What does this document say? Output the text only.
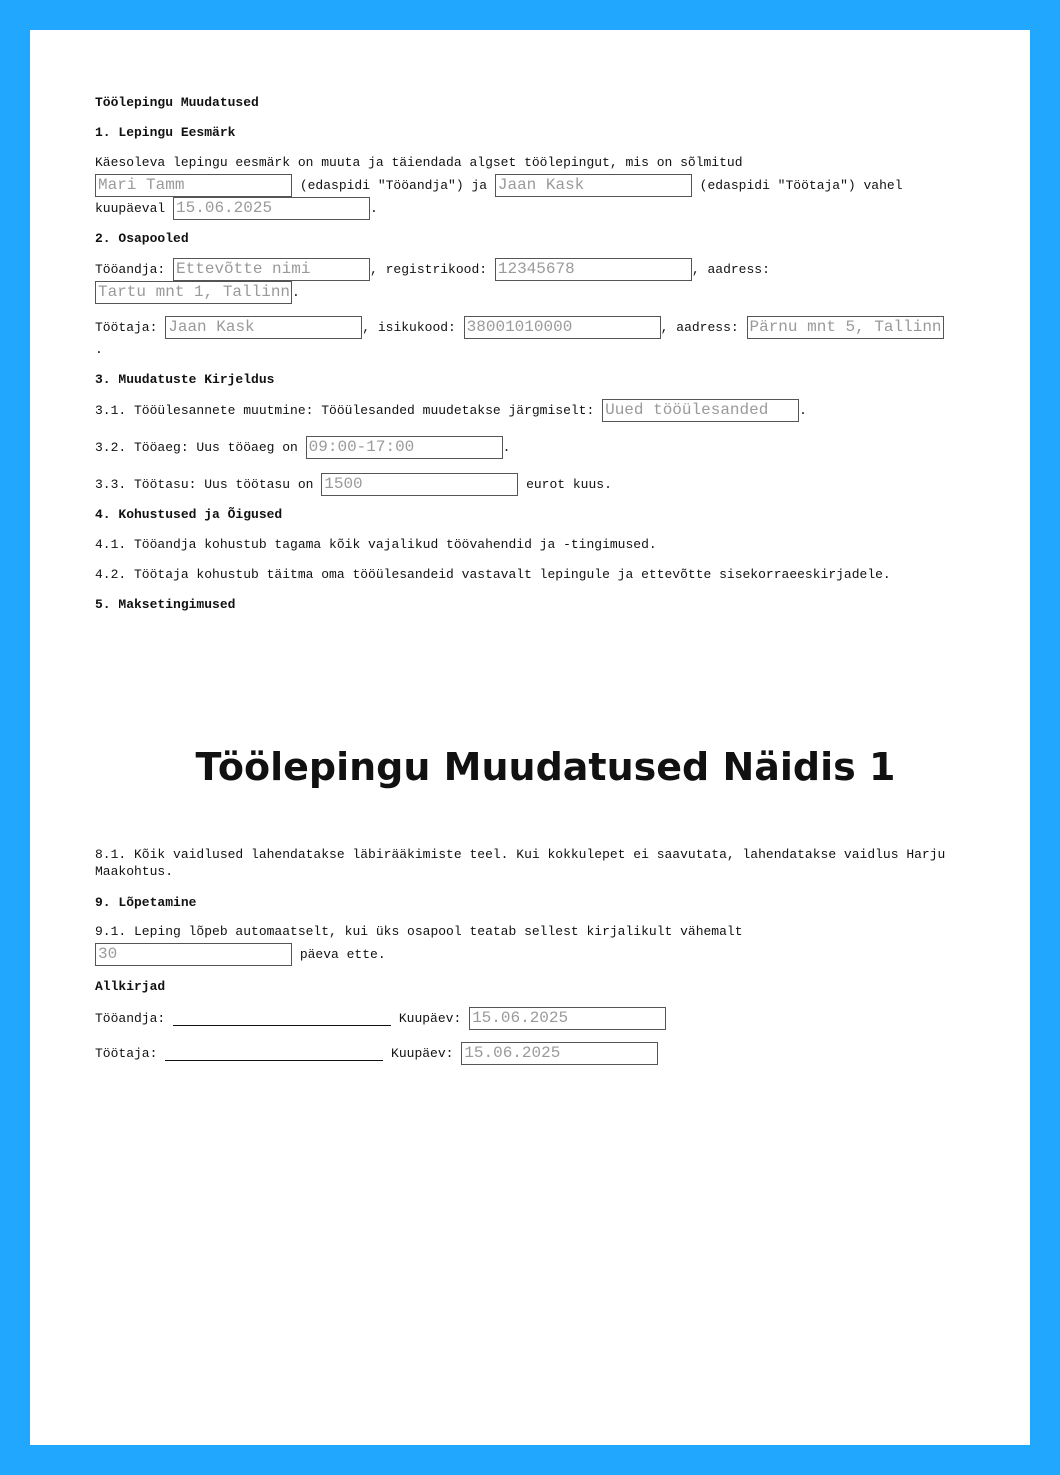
Töölepingu Muudatused
1. Lepingu Eesmärk
Käesoleva lepingu eesmärk on muuta ja täiendada algset töölepingut, mis on sõlmitud
Mari Tamm	(edaspidi "Tööandja") ja Jaan Kask	(edaspidi "Töötaja") vahel
kuupäeval 15.06.2025	.
2. Osapooled
Tööandja: Ettevõtte nimi	, registrikood: 12345678	, aadress:
Tartu mnt 1, Tallinn .
Töötaja: Jaan Kask	, isikukood: 38001010000	, aadress: Pärnu mnt 5, Tallinn
.
3. Muudatuste Kirjeldus
3.1. Tööülesannete muutmine: Tööülesanded muudetakse järgmiselt: Uued tööülesanded .
3.2. Tööaeg: Uus tööaeg on 09:00-17:00	.
3.3. Töötasu: Uus töötasu on 1500	eurot kuus.
4. Kohustused ja Õigused
4.1. Tööandja kohustub tagama kõik vajalikud töövahendid ja -tingimused.
4.2. Töötaja kohustub täitma oma tööülesandeid vastavalt lepingule ja ettevõtte sisekorraeeskirjadele.
5. Maksetingimused
8.1. Kõik vaidlused lahendatakse läbirääkimiste teel. Kui kokkulepet ei saavutata, lahendatakse vaidlus Harju Maakohtus.
9. Lõpetamine
9.1. Leping lõpeb automaatselt, kui üks osapool teatab sellest kirjalikult vähemalt
30	päeva ette.
Allkirjad
Tööandja:	Kuupäev: 15.06.2025
Töötaja:	Kuupäev: 15.06.2025
Töölepingu Muudatused Näidis 1
